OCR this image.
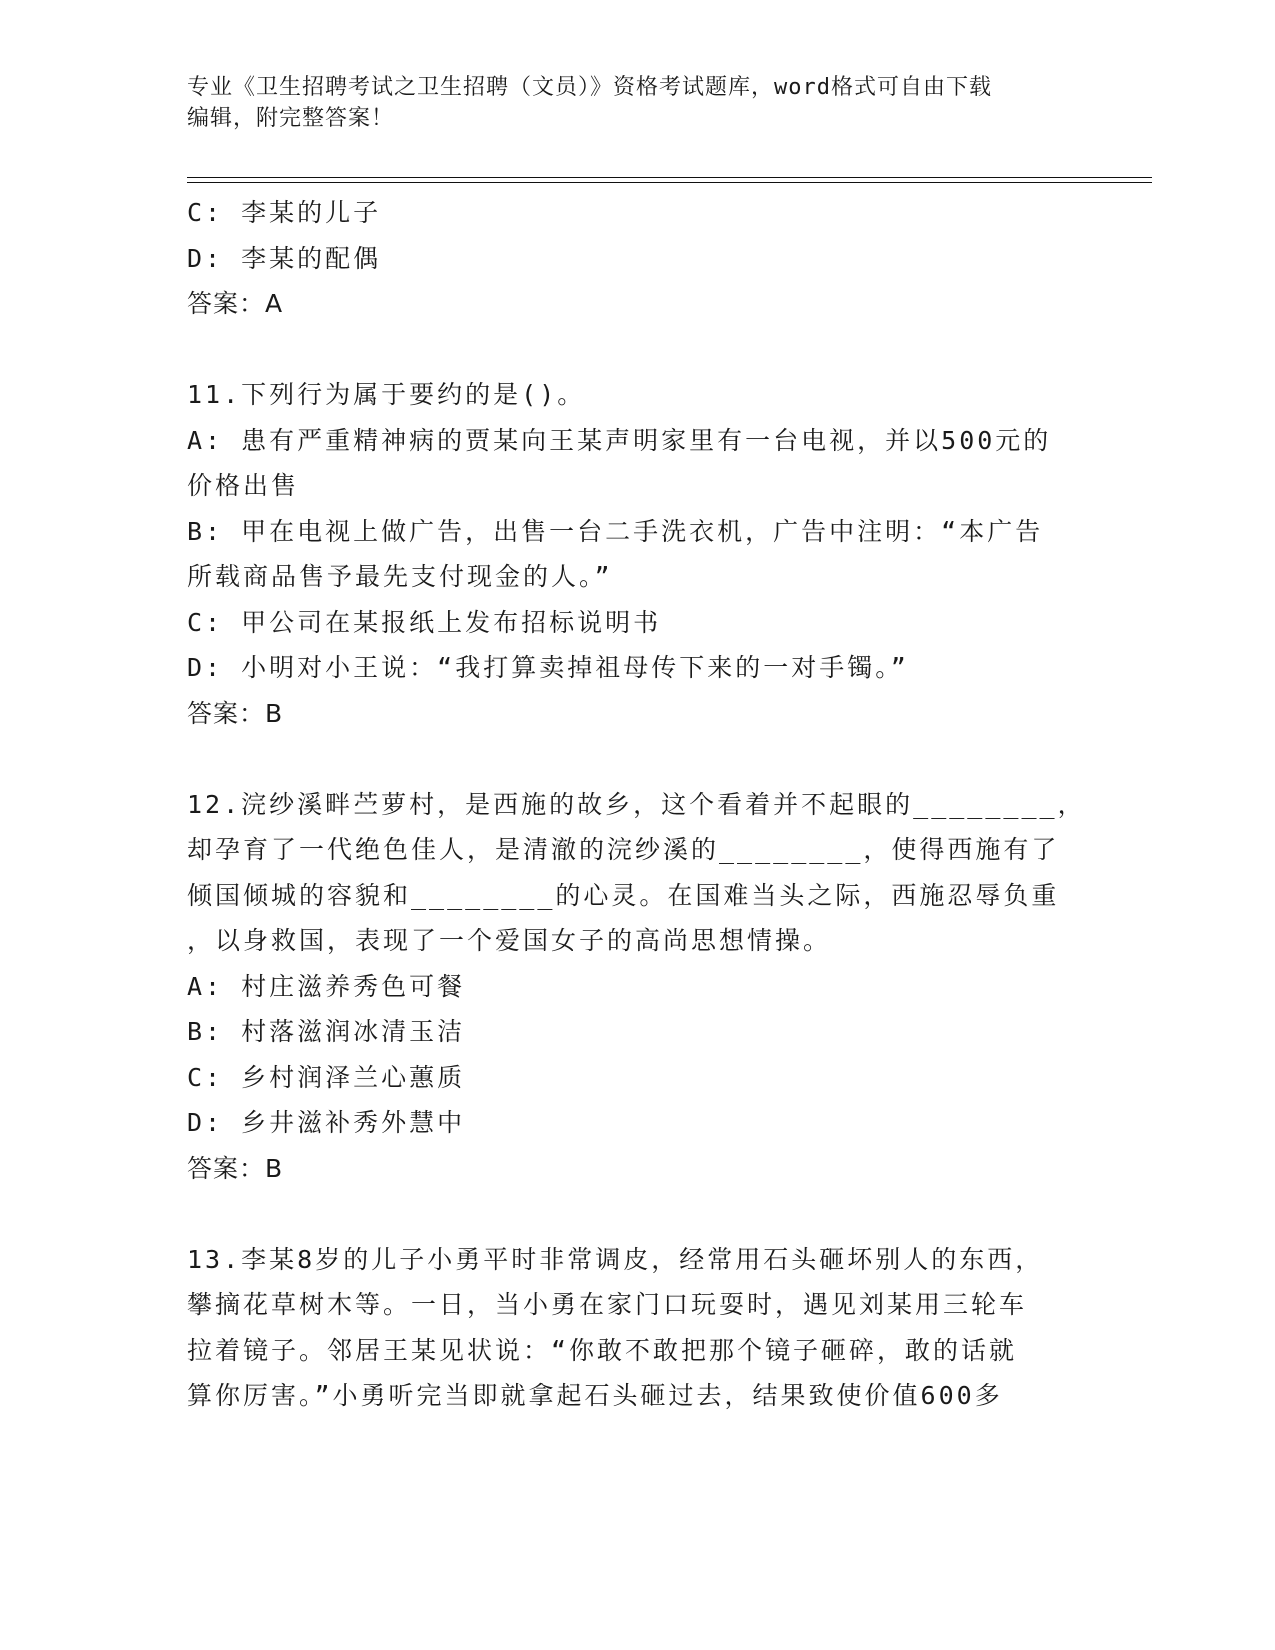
专业《卫生招聘考试之卫生招聘（文员）》资格考试题库，word格式可自由下载
编辑，附完整答案！
C: 李某的儿子
D: 李某的配偶
答案：A
11.下列行为属于要约的是()。
A: 患有严重精神病的贾某向王某声明家里有一台电视，并以500元的
价格出售
B: 甲在电视上做广告，出售一台二手洗衣机，广告中注明：“本广告
所载商品售予最先支付现金的人。”
C: 甲公司在某报纸上发布招标说明书
D: 小明对小王说：“我打算卖掉祖母传下来的一对手镯。”
答案：B
12.浣纱溪畔苎萝村，是西施的故乡，这个看着并不起眼的________，
却孕育了一代绝色佳人，是清澈的浣纱溪的________，使得西施有了
倾国倾城的容貌和________的心灵。在国难当头之际，西施忍辱负重
，以身救国，表现了一个爱国女子的高尚思想情操。
A: 村庄滋养秀色可餐
B: 村落滋润冰清玉洁
C: 乡村润泽兰心蕙质
D: 乡井滋补秀外慧中
答案：B
13.李某8岁的儿子小勇平时非常调皮，经常用石头砸坏别人的东西，
攀摘花草树木等。一日，当小勇在家门口玩耍时，遇见刘某用三轮车
拉着镜子。邻居王某见状说：“你敢不敢把那个镜子砸碎，敢的话就
算你厉害。”小勇听完当即就拿起石头砸过去，结果致使价值600多
